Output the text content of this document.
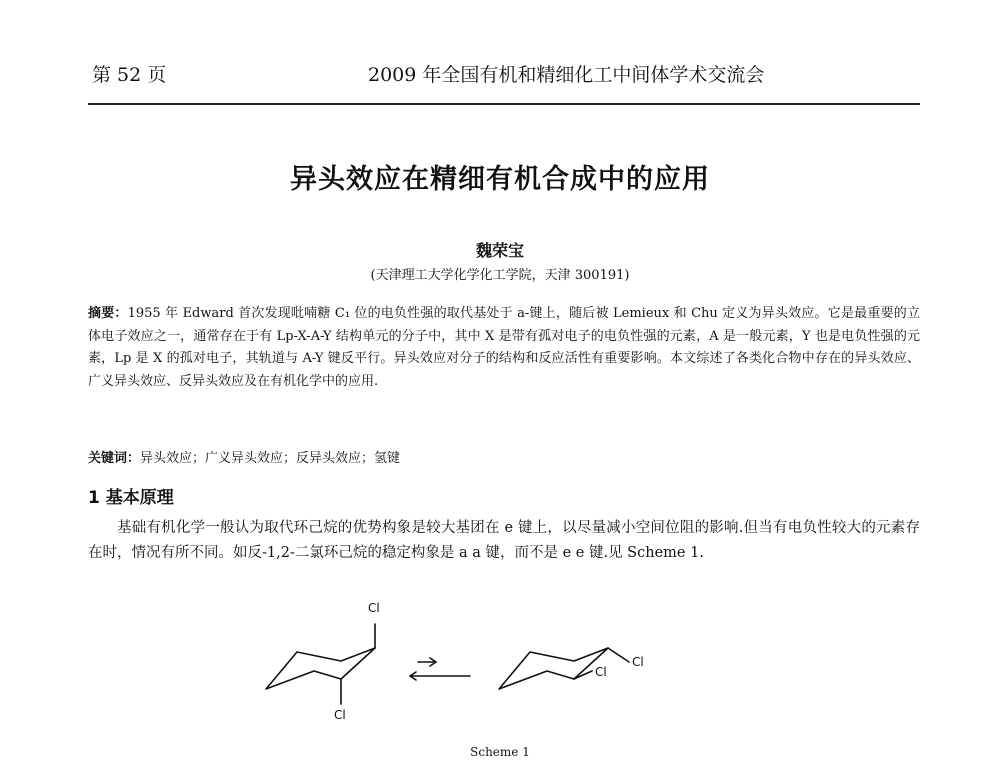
第 52 页	2009 年全国有机和精细化工中间体学术交流会
异头效应在精细有机合成中的应用
魏荣宝
(天津理工大学化学化工学院，天津 300191)
摘要：1955 年 Edward 首次发现吡喃糖 C₁ 位的电负性强的取代基处于 a-键上，随后被 Lemieux 和 Chu 定义为异头效应。它是最重要的立体电子效应之一，通常存在于有 Lp-X-A-Y 结构单元的分子中，其中 X 是带有孤对电子的电负性强的元素，A 是一般元素，Y 也是电负性强的元素，Lp 是 X 的孤对电子，其轨道与 A-Y 键反平行。异头效应对分子的结构和反应活性有重要影响。本文综述了各类化合物中存在的异头效应、广义异头效应、反异头效应及在有机化学中的应用.
关键词：异头效应；广义异头效应；反异头效应；氢键
1 基本原理
基础有机化学一般认为取代环己烷的优势构象是较大基团在 e 键上，以尽量减小空间位阻的影响.但当有电负性较大的元素存在时，情况有所不同。如反-1,2-二氯环己烷的稳定构象是 a a 键，而不是 e e 键.见 Scheme 1.
Cl
Cl
Cl
Cl
Scheme 1
